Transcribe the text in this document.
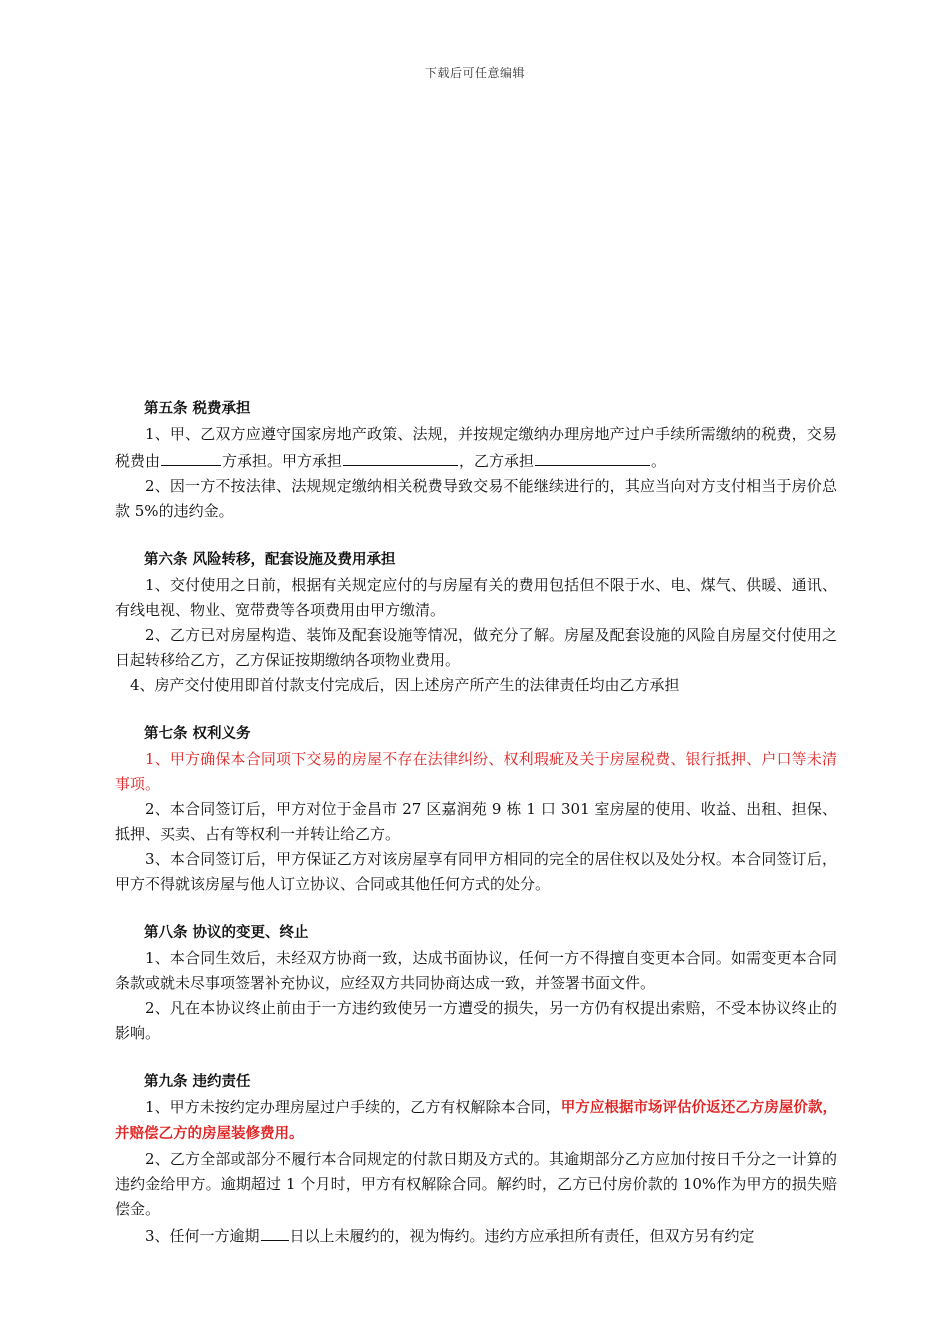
下载后可任意编辑

第五条 税费承担

1、甲、乙双方应遵守国家房地产政策、法规，并按规定缴纳办理房地产过户手续所需缴纳的税费，交易税费由	方承担。甲方承担	，乙方承担	。

2、因一方不按法律、法规规定缴纳相关税费导致交易不能继续进行的，其应当向对方支付相当于房价总款 5%的违约金。

第六条 风险转移，配套设施及费用承担

1、交付使用之日前，根据有关规定应付的与房屋有关的费用包括但不限于水、电、煤气、供暖、通讯、有线电视、物业、宽带费等各项费用由甲方缴清。

2、乙方已对房屋构造、装饰及配套设施等情况，做充分了解。房屋及配套设施的风险自房屋交付使用之日起转移给乙方，乙方保证按期缴纳各项物业费用。

4、房产交付使用即首付款支付完成后，因上述房产所产生的法律责任均由乙方承担

第七条 权利义务

1、甲方确保本合同项下交易的房屋不存在法律纠纷、权利瑕疵及关于房屋税费、银行抵押、户口等未清事项。

2、本合同签订后，甲方对位于金昌市 27 区嘉润苑 9 栋 1 口 301 室房屋的使用、收益、出租、担保、抵押、买卖、占有等权利一并转让给乙方。

3、本合同签订后，甲方保证乙方对该房屋享有同甲方相同的完全的居住权以及处分权。本合同签订后，甲方不得就该房屋与他人订立协议、合同或其他任何方式的处分。

第八条 协议的变更、终止

1、本合同生效后，未经双方协商一致，达成书面协议，任何一方不得擅自变更本合同。如需变更本合同条款或就未尽事项签署补充协议，应经双方共同协商达成一致，并签署书面文件。

2、凡在本协议终止前由于一方违约致使另一方遭受的损失，另一方仍有权提出索赔，不受本协议终止的影响。

第九条 违约责任

1、甲方未按约定办理房屋过户手续的，乙方有权解除本合同，甲方应根据市场评估价返还乙方房屋价款，并赔偿乙方的房屋装修费用。

2、乙方全部或部分不履行本合同规定的付款日期及方式的。其逾期部分乙方应加付按日千分之一计算的违约金给甲方。逾期超过 1 个月时，甲方有权解除合同。解约时，乙方已付房价款的 10%作为甲方的损失赔偿金。

3、任何一方逾期 日以上未履约的，视为悔约。违约方应承担所有责任，但双方另有约定
